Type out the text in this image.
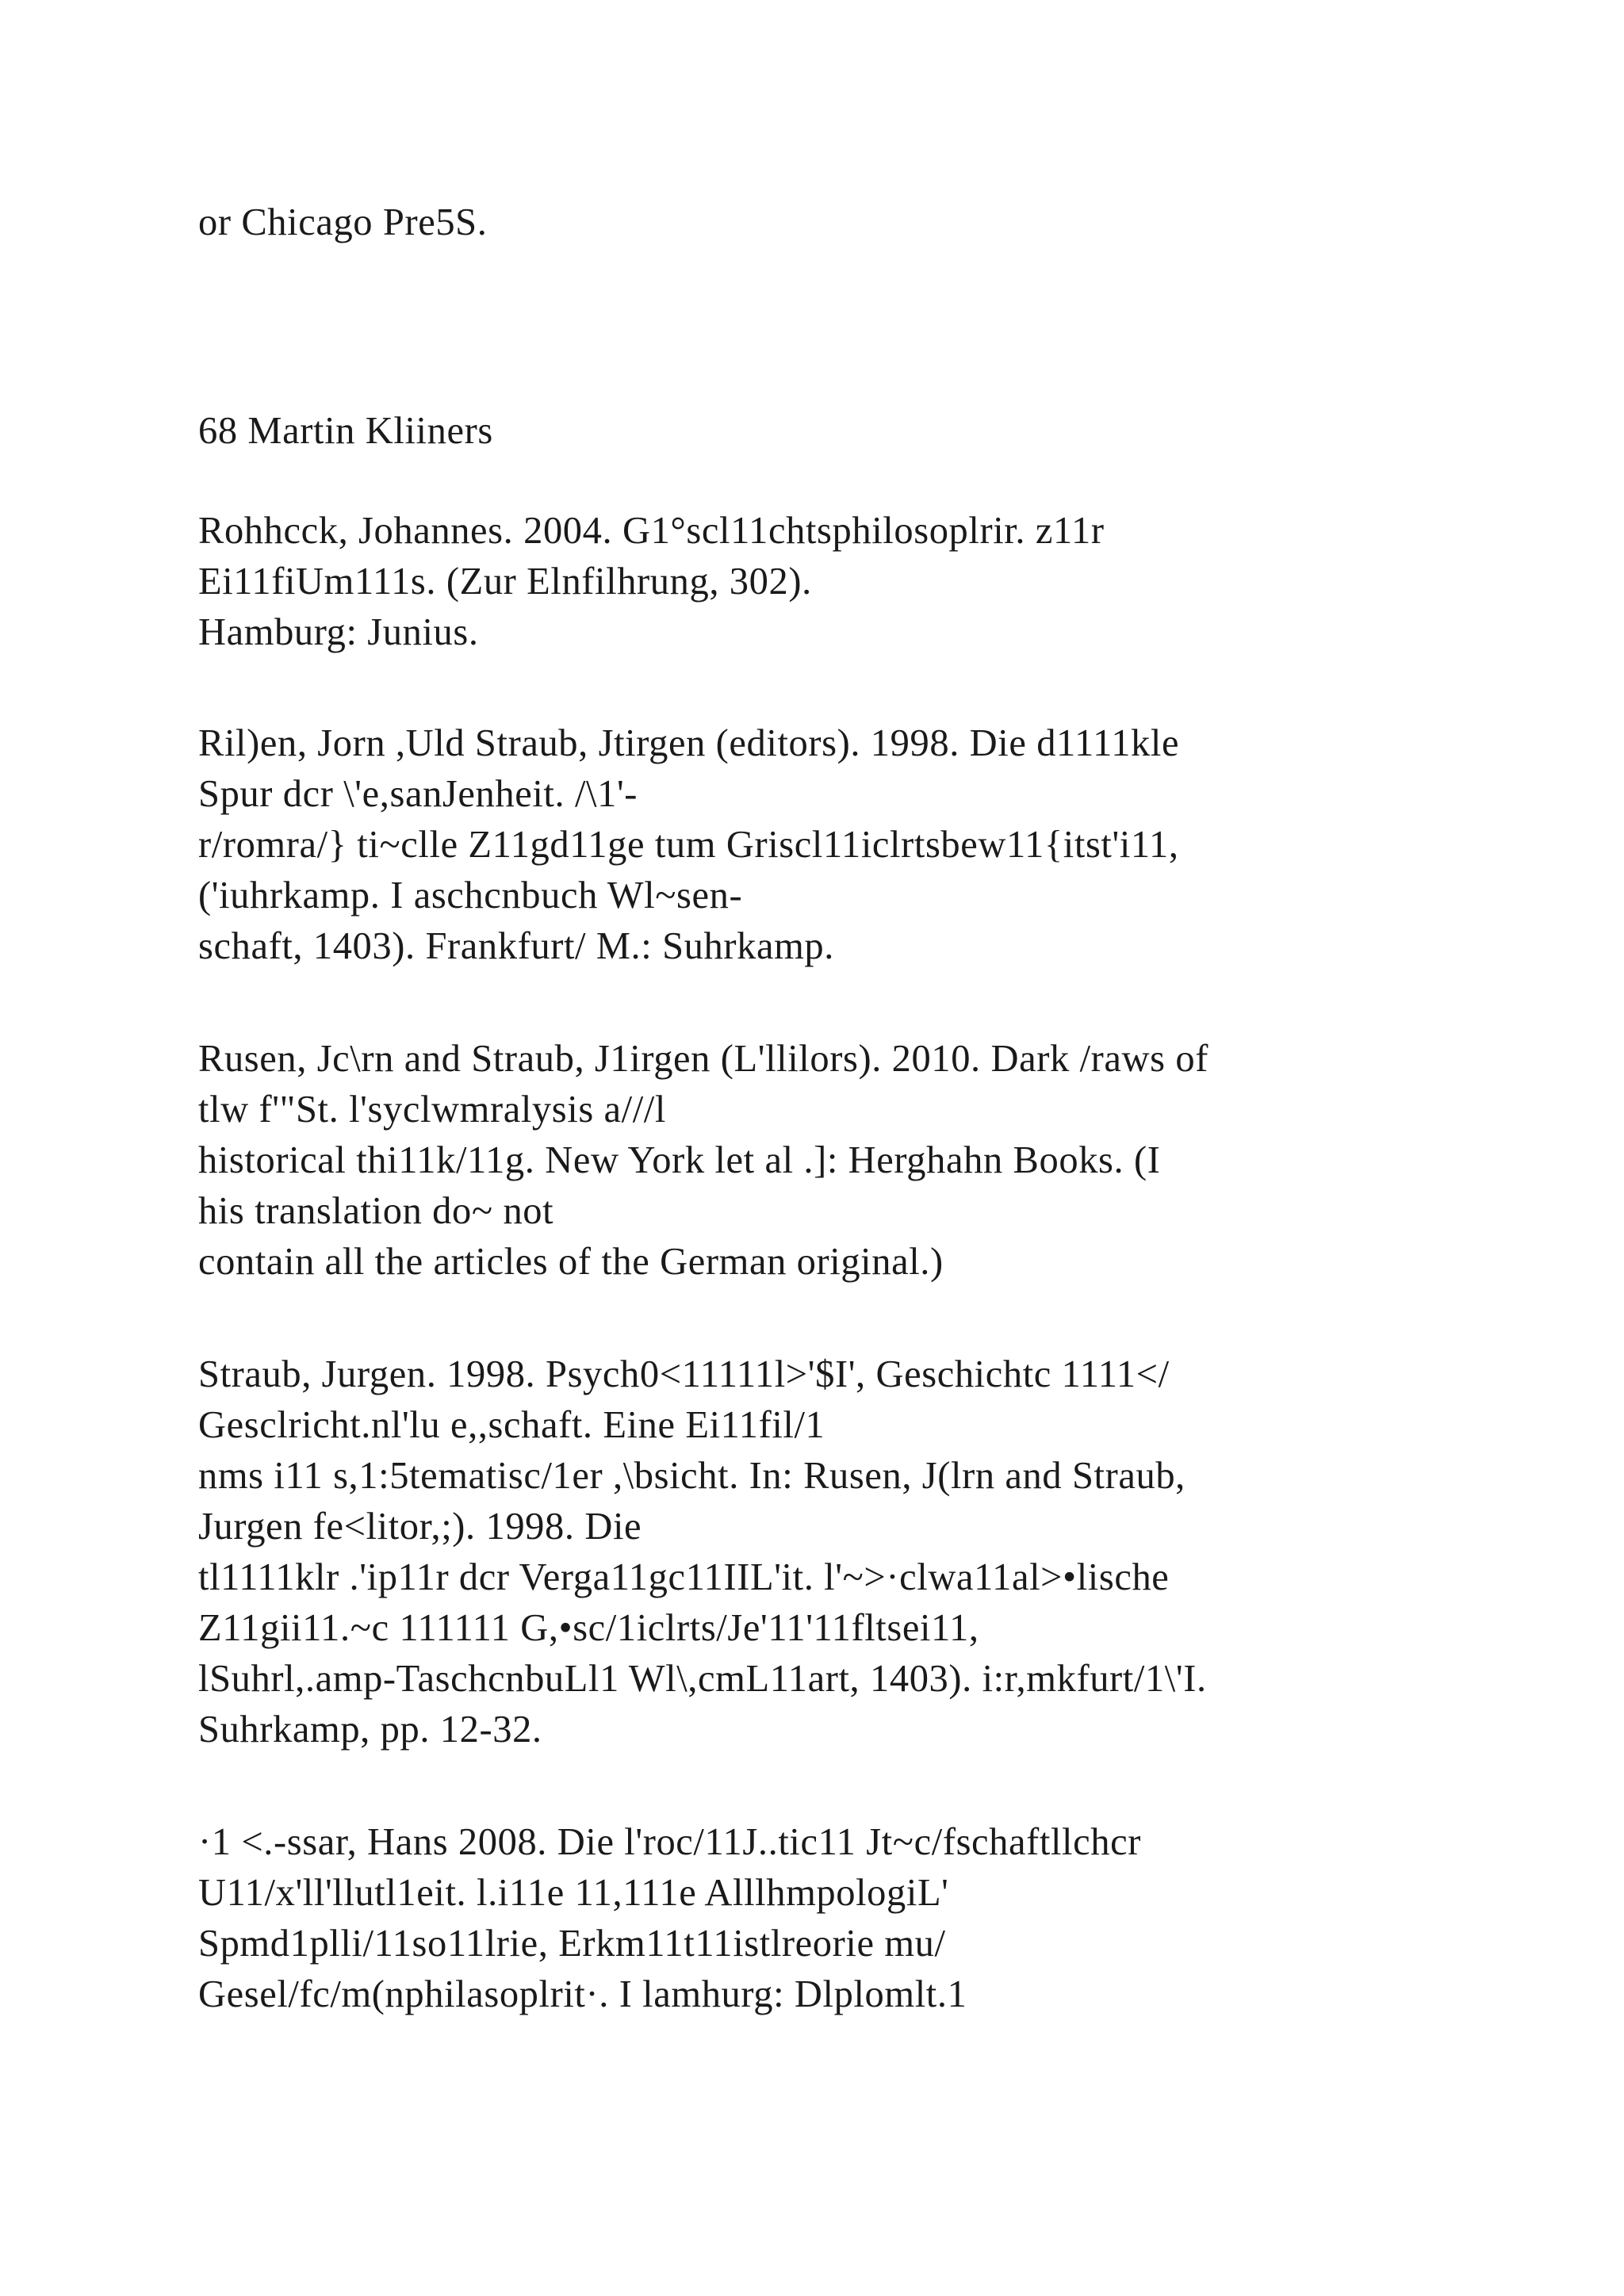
or Chicago Pre5S.
68 Martin Kliiners
Rohhcck, Johannes. 2004. G1°scl11chtsphilosoplrir. z11r
Ei11fiUm111s. (Zur Elnfilhrung, 302).
Hamburg: Junius.
Ril)en, Jorn ,Uld Straub, Jtirgen (editors). 1998. Die d1111kle
Spur dcr \'e,sanJenheit. /\1'-
r/romra/} ti~clle Z11gd11ge tum Griscl11iclrtsbew11{itst'i11,
('iuhrkamp. I aschcnbuch Wl~sen-
schaft, 1403). Frankfurt/ M.: Suhrkamp.
Rusen, Jc\rn and Straub, J1irgen (L'llilors). 2010. Dark /raws of
tlw f'"St. l'syclwmralysis a///l
historical thi11k/11g. New York let al .]: Herghahn Books. (I
his translation do~ not
contain all the articles of the German original.)
Straub, Jurgen. 1998. Psych0<11111l>'$I', Geschichtc 1111</
Gesclricht.nl'lu e,,schaft. Eine Ei11fil/1
nms i11 s,1:5tematisc/1er ,\bsicht. In: Rusen, J(lrn and Straub,
Jurgen fe<litor,;). 1998. Die
tl1111klr .'ip11r dcr Verga11gc11IIL'it. l'~>·clwa11al>•lische
Z11gii11.~c 111111 G,•sc/1iclrts/Je'11'11fltsei11,
lSuhrl,.amp-TaschcnbuLl1 Wl\,cmL11art, 1403). i:r,mkfurt/1\'I.
Suhrkamp, pp. 12-32.
·1 <.-ssar, Hans 2008. Die l'roc/11J..tic11 Jt~c/fschaftllchcr
U11/x'll'llutl1eit. l.i11e 11,111e AlllhmpologiL'
Spmd1plli/11so11lrie, Erkm11t11istlreorie mu/
Gesel/fc/m(nphilasoplrit·. I lamhurg: Dlplomlt.1
